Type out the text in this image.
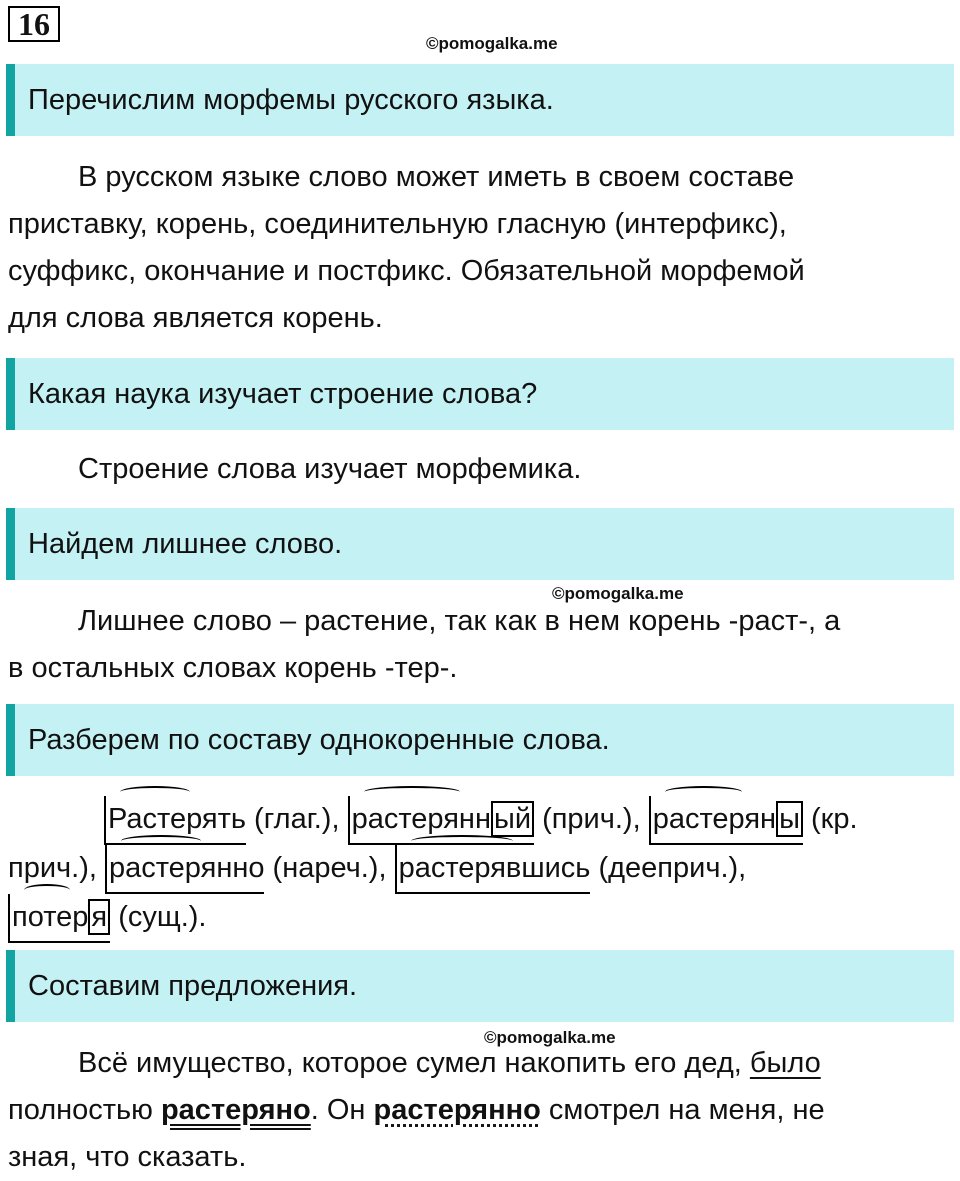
16
©pomogalka.me
Перечислим морфемы русского языка.
В русском языке слово может иметь в своем составе
приставку, корень, соединительную гласную (интерфикс),
суффикс, окончание и постфикс. Обязательной морфемой
для слова является корень.
Какая наука изучает строение слова?
Строение слова изучает морфемика.
Найдем лишнее слово.
©pomogalka.me
Лишнее слово – растение, так как в нем корень -раст-, а
в остальных словах корень -тер-.
Разберем по составу однокоренные слова.
Растерять (глаг.),
растерянн ый (прич.),
растерян ы (кр.
прич.),
растерянно (нареч.),
растерявшись (дееприч.),
потер я (сущ.).
Составим предложения.
©pomogalka.me
Всё имущество, которое сумел накопить его дед, было
полностью растеряно. Он растерянно смотрел на меня, не
зная, что сказать.
